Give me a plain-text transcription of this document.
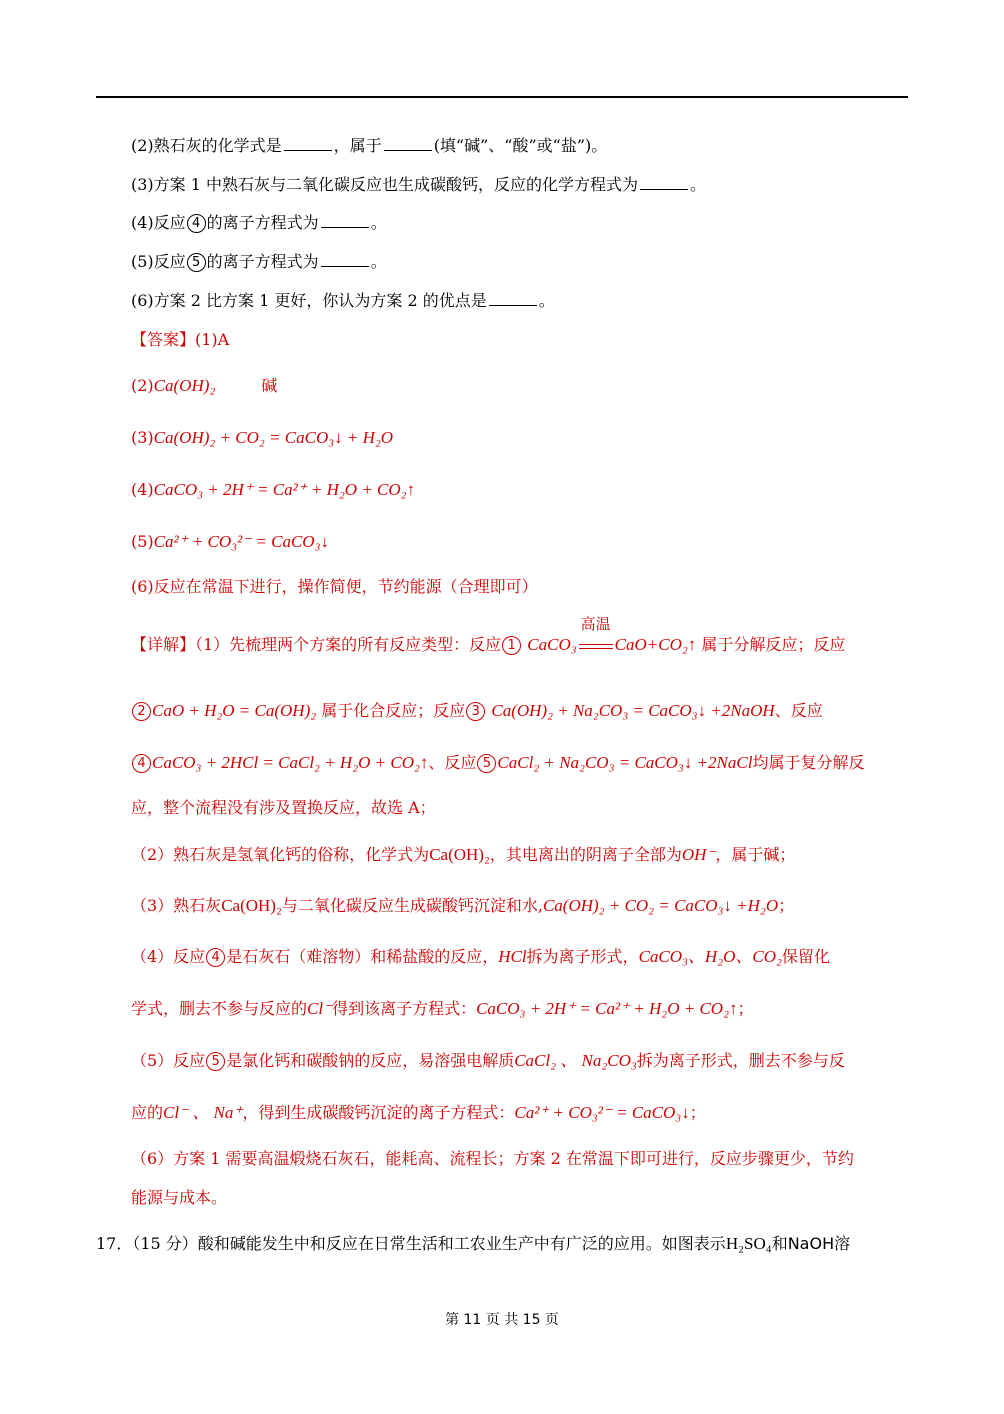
(2)熟石灰的化学式是	，属于	(填“碱”、“酸”或“盐”)。
(3)方案 1 中熟石灰与二氧化碳反应也生成碳酸钙，反应的化学方程式为	。
(4)反应 4 的离子方程式为	。
(5)反应 5 的离子方程式为	。
(6)方案 2 比方案 1 更好，你认为方案 2 的优点是	。
【答案】(1)A
(2)Ca(OH)₂	碱
(3)Ca(OH)₂ + CO₂ = CaCO₃↓ + H₂O
(4)CaCO₃ + 2H⁺ = Ca²⁺ + H₂O + CO₂↑
(5)Ca²⁺ + CO₃²⁻ = CaCO₃↓
(6)反应在常温下进行，操作简便，节约能源（合理即可）
【详解】（1）先梳理两个方案的所有反应类型：反应 1 CaCO₃
高温
CaO+CO₂↑ 属于分解反应；反应
2 CaO + H₂O = Ca(OH)₂ 属于化合反应；反应 3 Ca(OH)₂ + Na₂CO₃ = CaCO₃↓ +2NaOH、反应
4 CaCO₃ + 2HCl = CaCl₂ + H₂O + CO₂↑、反应 5 CaCl₂ + Na₂CO₃ = CaCO₃↓ +2NaCl均属于复分解反
应，整个流程没有涉及置换反应，故选 A；
（2）熟石灰是氢氧化钙的俗称，化学式为Ca(OH)₂，其电离出的阴离子全部为OH⁻，属于碱；
（3）熟石灰Ca(OH)₂与二氧化碳反应生成碳酸钙沉淀和水,Ca(OH)₂ + CO₂ = CaCO₃↓ +H₂O；
（4）反应 4 是石灰石（难溶物）和稀盐酸的反应，HCl拆为离子形式，CaCO₃、H₂O、CO₂保留化
学式，删去不参与反应的Cl⁻得到该离子方程式：CaCO₃ + 2H⁺ = Ca²⁺ + H₂O + CO₂↑；
（5）反应 5 是氯化钙和碳酸钠的反应，易溶强电解质CaCl₂ 、 Na₂CO₃拆为离子形式，删去不参与反
应的Cl⁻ 、 Na⁺，得到生成碳酸钙沉淀的离子方程式：Ca²⁺ + CO₃²⁻ = CaCO₃↓；
（6）方案 1 需要高温煅烧石灰石，能耗高、流程长；方案 2 在常温下即可进行，反应步骤更少，节约
能源与成本。
17．（15 分）酸和碱能发生中和反应在日常生活和工农业生产中有广泛的应用。如图表示H₂SO₄和NaOH溶
第 11 页 共 15 页
